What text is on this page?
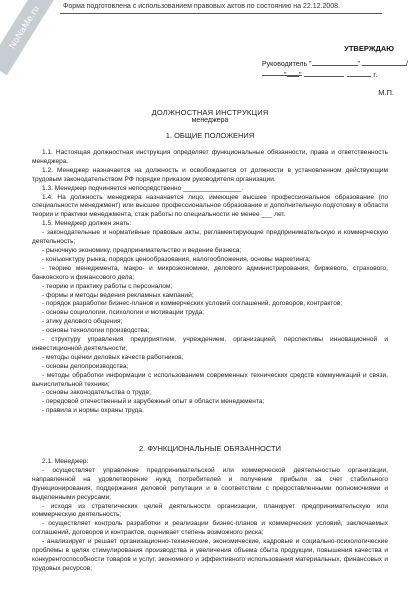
NoNaMe.ru	Форма подготовлена с использованием правовых актов по состоянию на 22.12.2008.
УТВЕРЖДАЮ
Руководитель "	"	/
" "	г.
М.П.
ДОЛЖНОСТНАЯ ИНСТРУКЦИЯ
менеджера
1. ОБЩИЕ ПОЛОЖЕНИЯ

1.1. Настоящая должностная инструкция определяет функциональные обязанности, права и ответственность менеджера.

1.2. Менеджер назначается на должность и освобождается от должности в установленном действующим трудовым законодательством РФ порядке приказом руководителя организации.

1.3. Менеджер подчиняется непосредственно ________________.

1.4. На должность менеджера назначается лицо, имеющее высшее профессиональное образование (по специальности менеджмент) или высшее профессиональное образование и дополнительную подготовку в области теории и практики менеджмента, стаж работы по специальности не менее ___ лет.

1.5. Менеджер должен знать:

- законодательные и нормативные правовые акты, регламентирующие предпринимательскую и коммерческую деятельность;

- рыночную экономику, предпринимательство и ведение бизнеса;

- конъюнктуру рынка, порядок ценообразования, налогообложения, основы маркетинга;

- теорию менеджмента, макро- и микроэкономики, делового администрирования, биржевого, страхового, банковского и финансового дела;

- теорию и практику работы с персоналом;

- формы и методы ведения рекламных кампаний;

- порядок разработки бизнес-планов и коммерческих условий соглашений, договоров, контрактов;

- основы социологии, психологии и мотивации труда;

- этику делового общения;

- основы технологии производства;

- структуру управления предприятием, учреждением, организацией, перспективы инновационной и инвестиционной деятельности;

- методы оценки деловых качеств работников;

- основы делопроизводства;

- методы обработки информации с использованием современных технических средств коммуникаций и связи, вычислительной техники;

- основы законодательства о труде;

- передовой отечественный и зарубежный опыт в области менеджмента;

- правила и нормы охраны труда.

2. ФУНКЦИОНАЛЬНЫЕ ОБЯЗАННОСТИ

2.1. Менеджер:

- осуществляет управление предпринимательской или коммерческой деятельностью организации, направленной на удовлетворение нужд потребителей и получение прибыли за счет стабильного функционирования, поддержания деловой репутации и в соответствии с предоставленными полномочиями и выделенными ресурсами;

- исходя из стратегических целей деятельности организации, планирует предпринимательскую или коммерческую деятельность;

- осуществляет контроль разработки и реализации бизнес-планов и коммерческих условий, заключаемых соглашений, договоров и контрактов, оценивает степень возможного риска;

- анализирует и решает организационно-технические, экономические, кадровые и социально-психологические проблемы в целях стимулирования производства и увеличения объема сбыта продукции, повышения качества и конкурентоспособности товаров и услуг, экономного и эффективного использования материальных, финансовых и трудовых ресурсов;
